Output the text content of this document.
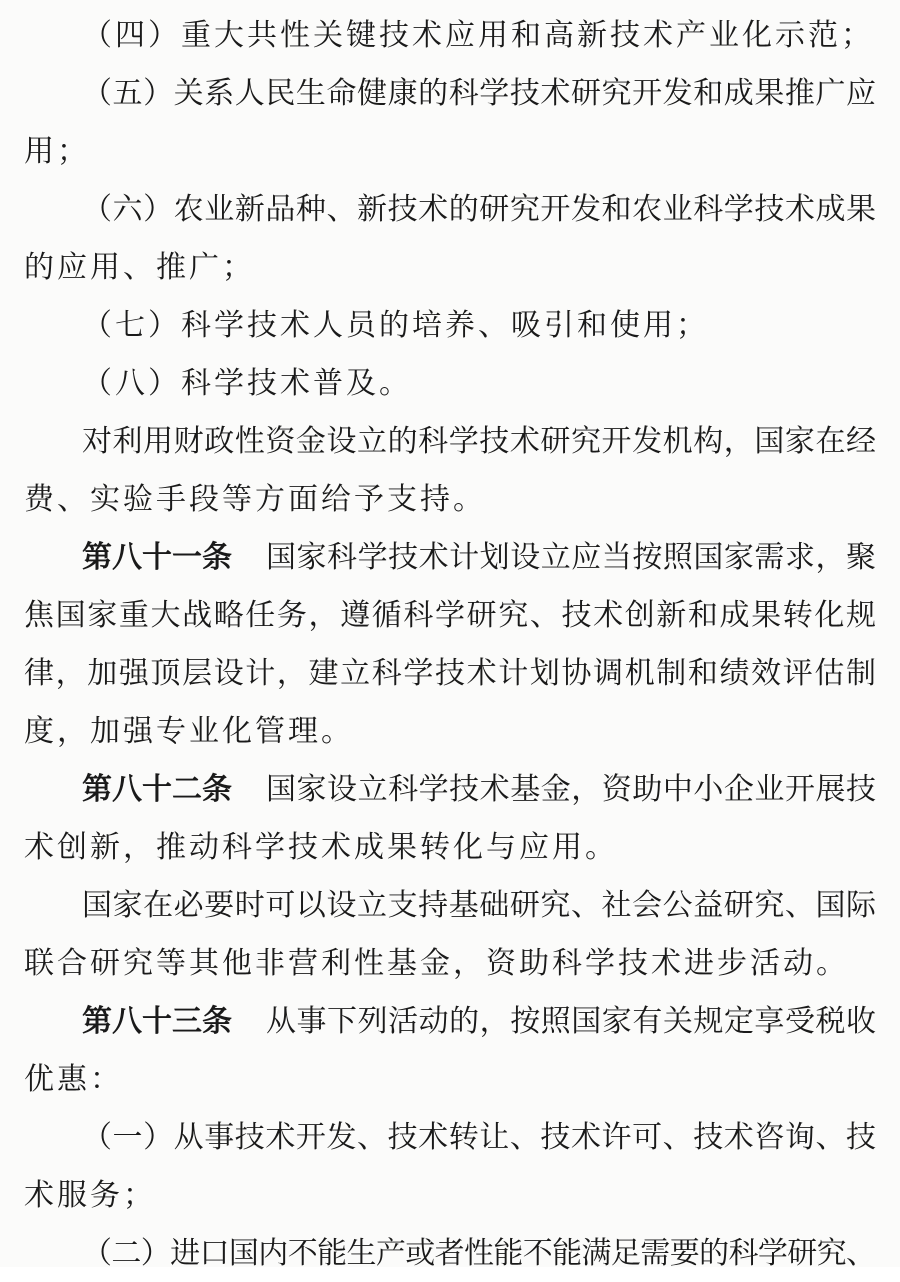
（四）重大共性关键技术应用和高新技术产业化示范；
（五）关系人民生命健康的科学技术研究开发和成果推广应
用；
（六）农业新品种、新技术的研究开发和农业科学技术成果
的应用、推广；
（七）科学技术人员的培养、吸引和使用；
（八）科学技术普及。
对利用财政性资金设立的科学技术研究开发机构，国家在经
费、实验手段等方面给予支持。
第八十一条 国家科学技术计划设立应当按照国家需求，聚
焦国家重大战略任务，遵循科学研究、技术创新和成果转化规
律，加强顶层设计，建立科学技术计划协调机制和绩效评估制
度，加强专业化管理。
第八十二条 国家设立科学技术基金，资助中小企业开展技
术创新，推动科学技术成果转化与应用。
国家在必要时可以设立支持基础研究、社会公益研究、国际
联合研究等其他非营利性基金，资助科学技术进步活动。
第八十三条 从事下列活动的，按照国家有关规定享受税收
优惠：
（一）从事技术开发、技术转让、技术许可、技术咨询、技
术服务；
（二）进口国内不能生产或者性能不能满足需要的科学研究、
